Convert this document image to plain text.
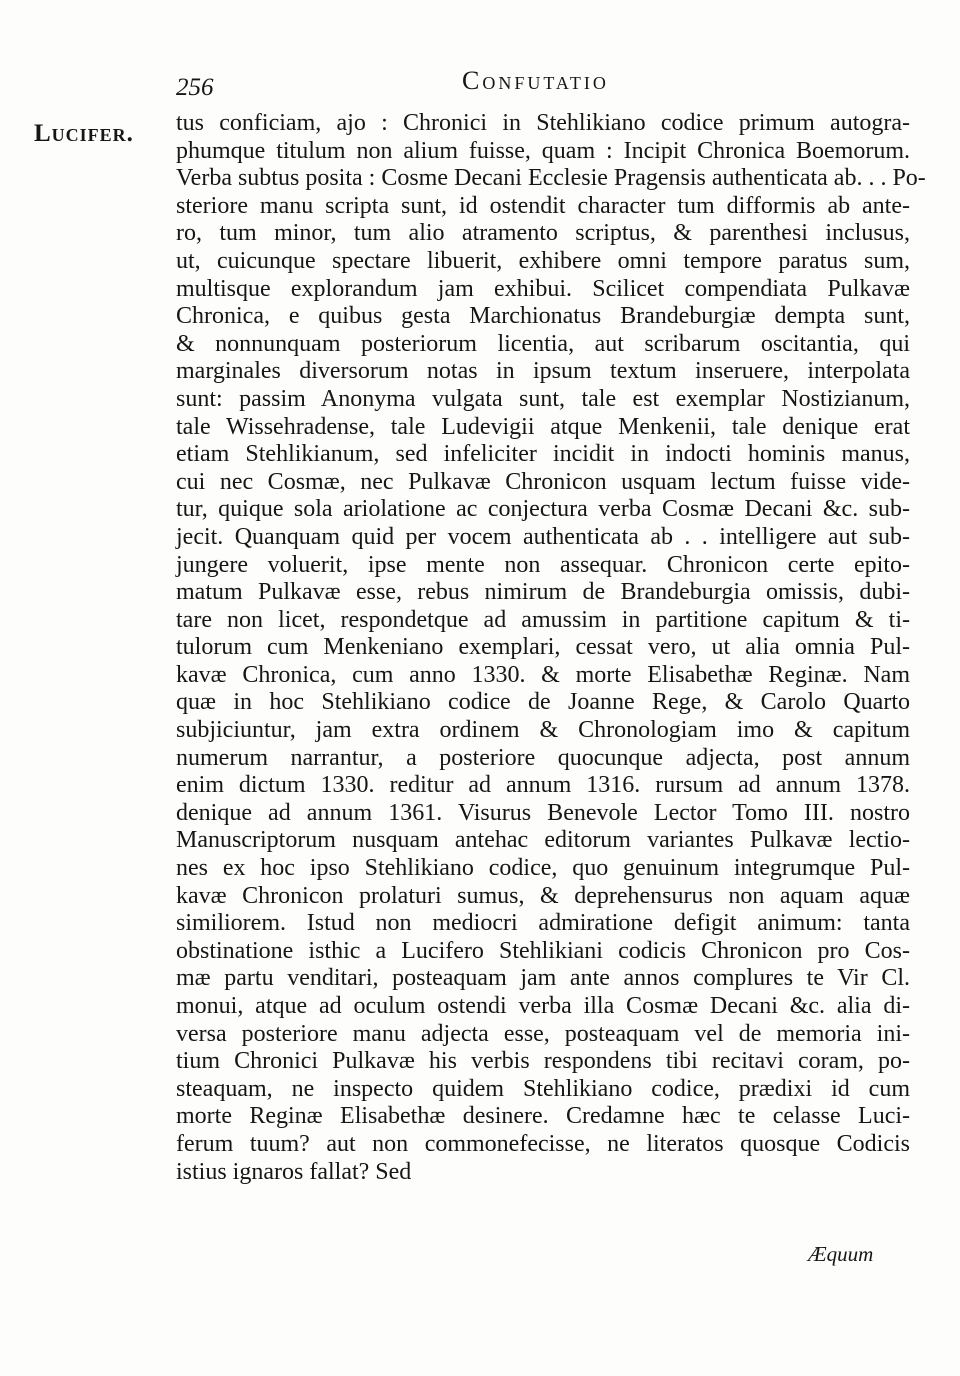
256	Confutatio
Lucifer. tus conficiam, ajo : Chronici in Stehlikiano codice primum autogra-
phumque titulum non alium fuisse, quam : Incipit Chronica Boemorum.
Verba subtus posita : Cosme Decani Ecclesie Pragensis authenticata ab. . . Po-
steriore manu scripta sunt, id ostendit character tum difformis ab ante-
ro, tum minor, tum alio atramento scriptus, & parenthesi inclusus,
ut, cuicunque spectare libuerit, exhibere omni tempore paratus sum,
multisque explorandum jam exhibui. Scilicet compendiata Pulkavæ
Chronica, e quibus gesta Marchionatus Brandeburgiæ dempta sunt,
& nonnunquam posteriorum licentia, aut scribarum oscitantia, qui
marginales diversorum notas in ipsum textum inseruere, interpolata
sunt: passim Anonyma vulgata sunt, tale est exemplar Nostizianum,
tale Wissehradense, tale Ludevigii atque Menkenii, tale denique erat
etiam Stehlikianum, sed infeliciter incidit in indocti hominis manus,
cui nec Cosmæ, nec Pulkavæ Chronicon usquam lectum fuisse vide-
tur, quique sola ariolatione ac conjectura verba Cosmæ Decani &c. sub-
jecit. Quanquam quid per vocem authenticata ab . . intelligere aut sub-
jungere voluerit, ipse mente non assequar. Chronicon certe epito-
matum Pulkavæ esse, rebus nimirum de Brandeburgia omissis, dubi-
tare non licet, respondetque ad amussim in partitione capitum & ti-
tulorum cum Menkeniano exemplari, cessat vero, ut alia omnia Pul-
kavæ Chronica, cum anno 1330. & morte Elisabethæ Reginæ. Nam
quæ in hoc Stehlikiano codice de Joanne Rege, & Carolo Quarto
subjiciuntur, jam extra ordinem & Chronologiam imo & capitum
numerum narrantur, a posteriore quocunque adjecta, post annum
enim dictum 1330. reditur ad annum 1316. rursum ad annum 1378.
denique ad annum 1361. Visurus Benevole Lector Tomo III. nostro
Manuscriptorum nusquam antehac editorum variantes Pulkavæ lectio-
nes ex hoc ipso Stehlikiano codice, quo genuinum integrumque Pul-
kavæ Chronicon prolaturi sumus, & deprehensurus non aquam aquæ
similiorem. Istud non mediocri admiratione defigit animum: tanta
obstinatione isthic a Lucifero Stehlikiani codicis Chronicon pro Cos-
mæ partu venditari, posteaquam jam ante annos complures te Vir Cl.
monui, atque ad oculum ostendi verba illa Cosmæ Decani &c. alia di-
versa posteriore manu adjecta esse, posteaquam vel de memoria ini-
tium Chronici Pulkavæ his verbis respondens tibi recitavi coram, po-
steaquam, ne inspecto quidem Stehlikiano codice, prædixi id cum
morte Reginæ Elisabethæ desinere. Credamne hæc te celasse Luci-
ferum tuum? aut non commonefecisse, ne literatos quosque Codicis
istius ignaros fallat? Sed
Æquum
